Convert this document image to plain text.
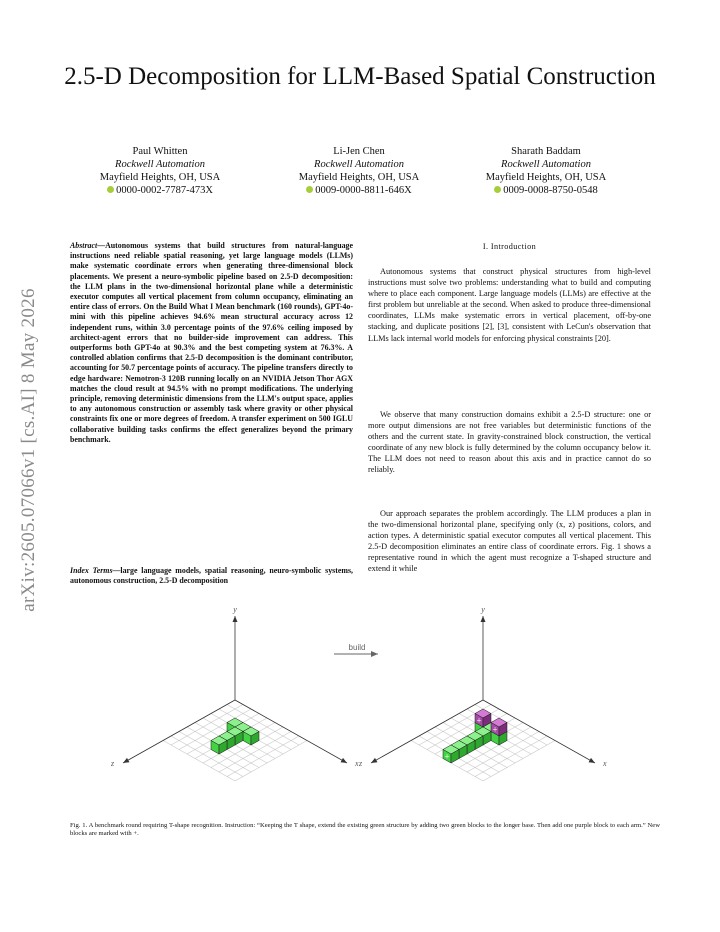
arXiv:2605.07066v1 [cs.AI] 8 May 2026
2.5-D Decomposition for LLM-Based Spatial Construction
Paul Whitten
Rockwell Automation
Mayfield Heights, OH, USA
0000-0002-7787-473X
Li-Jen Chen
Rockwell Automation
Mayfield Heights, OH, USA
0009-0000-8811-646X
Sharath Baddam
Rockwell Automation
Mayfield Heights, OH, USA
0009-0008-8750-0548
Abstract—Autonomous systems that build structures from natural-language instructions need reliable spatial reasoning, yet large language models (LLMs) make systematic coordinate errors when generating three-dimensional block placements. We present a neuro-symbolic pipeline based on 2.5-D decomposition: the LLM plans in the two-dimensional horizontal plane while a deterministic executor computes all vertical placement from column occupancy, eliminating an entire class of errors. On the Build What I Mean benchmark (160 rounds), GPT-4o-mini with this pipeline achieves 94.6% mean structural accuracy across 12 independent runs, within 3.0 percentage points of the 97.6% ceiling imposed by architect-agent errors that no builder-side improvement can address. This outperforms both GPT-4o at 90.3% and the best competing system at 76.3%. A controlled ablation confirms that 2.5-D decomposition is the dominant contributor, accounting for 50.7 percentage points of accuracy. The pipeline transfers directly to edge hardware: Nemotron-3 120B running locally on an NVIDIA Jetson Thor AGX matches the cloud result at 94.5% with no prompt modifications. The underlying principle, removing deterministic dimensions from the LLM's output space, applies to any autonomous construction or assembly task where gravity or other physical constraints fix one or more degrees of freedom. A transfer experiment on 500 IGLU collaborative building tasks confirms the effect generalizes beyond the primary benchmark.
Index Terms—large language models, spatial reasoning, neuro-symbolic systems, autonomous construction, 2.5-D decomposition
I. Introduction

Autonomous systems that construct physical structures from high-level instructions must solve two problems: understanding what to build and computing where to place each component. Large language models (LLMs) are effective at the first problem but unreliable at the second. When asked to produce three-dimensional coordinates, LLMs make systematic errors in vertical placement, off-by-one stacking, and duplicate positions [2], [3], consistent with LeCun's observation that LLMs lack internal world models for enforcing physical constraints [20].

We observe that many construction domains exhibit a 2.5-D structure: one or more output dimensions are not free variables but deterministic functions of the others and the current state. In gravity-constrained block construction, the vertical coordinate of any new block is fully determined by the column occupancy below it. The LLM does not need to reason about this axis and in practice cannot do so reliably.

Our approach separates the problem accordingly. The LLM produces a plan in the two-dimensional horizontal plane, specifying only (x, z) positions, colors, and action types. A deterministic spatial executor computes all vertical placement. This 2.5-D decomposition eliminates an entire class of coordinate errors. Fig. 1 shows a representative round in which the agent must recognize a T-shaped structure and extend it while

y
x
z
y
x
z
+
+
+
build
Fig. 1. A benchmark round requiring T-shape recognition. Instruction: “Keeping the T shape, extend the existing green structure by adding two green blocks to the longer base. Then add one purple block to each arm.” New blocks are marked with +.
